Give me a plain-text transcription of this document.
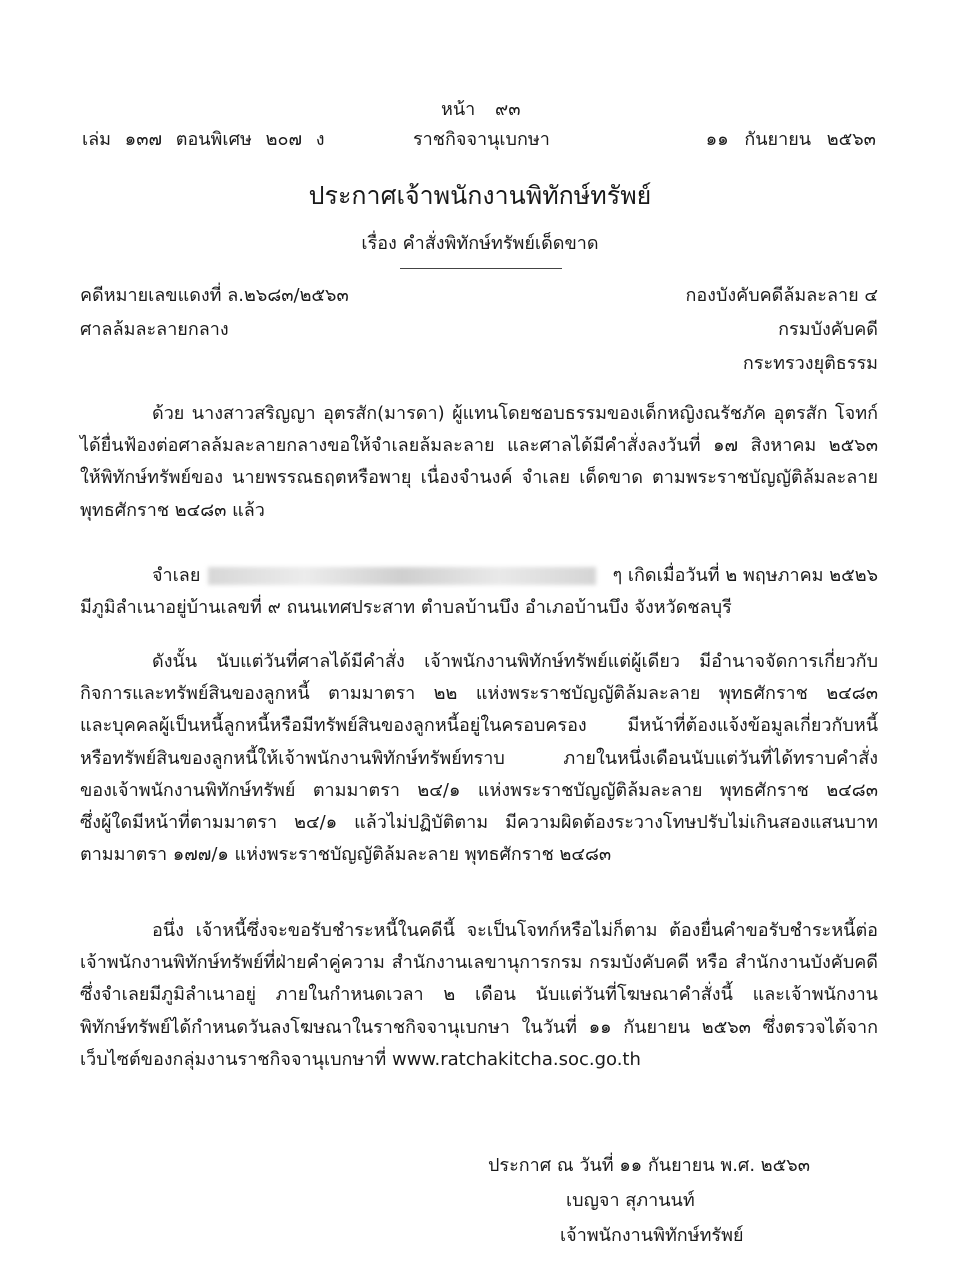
หน้า ๙๓
เล่ม ๑๓๗ ตอนพิเศษ ๒๐๗ ง	ราชกิจจานุเบกษา	๑๑ กันยายน ๒๕๖๓
ประกาศเจ้าพนักงานพิทักษ์ทรัพย์
เรื่อง คำสั่งพิทักษ์ทรัพย์เด็ดขาด
คดีหมายเลขแดงที่ ล.๒๖๘๓/๒๕๖๓
ศาลล้มละลายกลาง
กองบังคับคดีล้มละลาย ๔
กรมบังคับคดี
กระทรวงยุติธรรม
ด้วย นางสาวสริญญา อุตรสัก(มารดา) ผู้แทนโดยชอบธรรมของเด็กหญิงณรัชภัค อุตรสัก โจทก์
ได้ยื่นฟ้องต่อศาลล้มละลายกลางขอให้จำเลยล้มละลาย และศาลได้มีคำสั่งลงวันที่ ๑๗ สิงหาคม ๒๕๖๓
ให้พิทักษ์ทรัพย์ของ นายพรรณธฤตหรือพายุ เนื่องจำนงค์ จำเลย เด็ดขาด ตามพระราชบัญญัติล้มละลาย
พุทธศักราช ๒๔๘๓ แล้ว
จำเลย	ๆ เกิดเมื่อวันที่ ๒ พฤษภาคม ๒๕๒๖
มีภูมิลำเนาอยู่บ้านเลขที่ ๙ ถนนเทศประสาท ตำบลบ้านบึง อำเภอบ้านบึง จังหวัดชลบุรี
ดังนั้น นับแต่วันที่ศาลได้มีคำสั่ง เจ้าพนักงานพิทักษ์ทรัพย์แต่ผู้เดียว มีอำนาจจัดการเกี่ยวกับ
กิจการและทรัพย์สินของลูกหนี้ ตามมาตรา ๒๒ แห่งพระราชบัญญัติล้มละลาย พุทธศักราช ๒๔๘๓
และบุคคลผู้เป็นหนี้ลูกหนี้หรือมีทรัพย์สินของลูกหนี้อยู่ในครอบครอง มีหน้าที่ต้องแจ้งข้อมูลเกี่ยวกับหนี้
หรือทรัพย์สินของลูกหนี้ให้เจ้าพนักงานพิทักษ์ทรัพย์ทราบ ภายในหนึ่งเดือนนับแต่วันที่ได้ทราบคำสั่ง
ของเจ้าพนักงานพิทักษ์ทรัพย์ ตามมาตรา ๒๔/๑ แห่งพระราชบัญญัติล้มละลาย พุทธศักราช ๒๔๘๓
ซึ่งผู้ใดมีหน้าที่ตามมาตรา ๒๔/๑ แล้วไม่ปฏิบัติตาม มีความผิดต้องระวางโทษปรับไม่เกินสองแสนบาท
ตามมาตรา ๑๗๗/๑ แห่งพระราชบัญญัติล้มละลาย พุทธศักราช ๒๔๘๓
อนึ่ง เจ้าหนี้ซึ่งจะขอรับชำระหนี้ในคดีนี้ จะเป็นโจทก์หรือไม่ก็ตาม ต้องยื่นคำขอรับชำระหนี้ต่อ
เจ้าพนักงานพิทักษ์ทรัพย์ที่ฝ่ายคำคู่ความ สำนักงานเลขานุการกรม กรมบังคับคดี หรือ สำนักงานบังคับคดี
ซึ่งจำเลยมีภูมิลำเนาอยู่ ภายในกำหนดเวลา ๒ เดือน นับแต่วันที่โฆษณาคำสั่งนี้ และเจ้าพนักงาน
พิทักษ์ทรัพย์ได้กำหนดวันลงโฆษณาในราชกิจจานุเบกษา ในวันที่ ๑๑ กันยายน ๒๕๖๓ ซึ่งตรวจได้จาก
เว็บไซต์ของกลุ่มงานราชกิจจานุเบกษาที่ www.ratchakitcha.soc.go.th
ประกาศ ณ วันที่ ๑๑ กันยายน พ.ศ. ๒๕๖๓
เบญจา สุภานนท์
เจ้าพนักงานพิทักษ์ทรัพย์
